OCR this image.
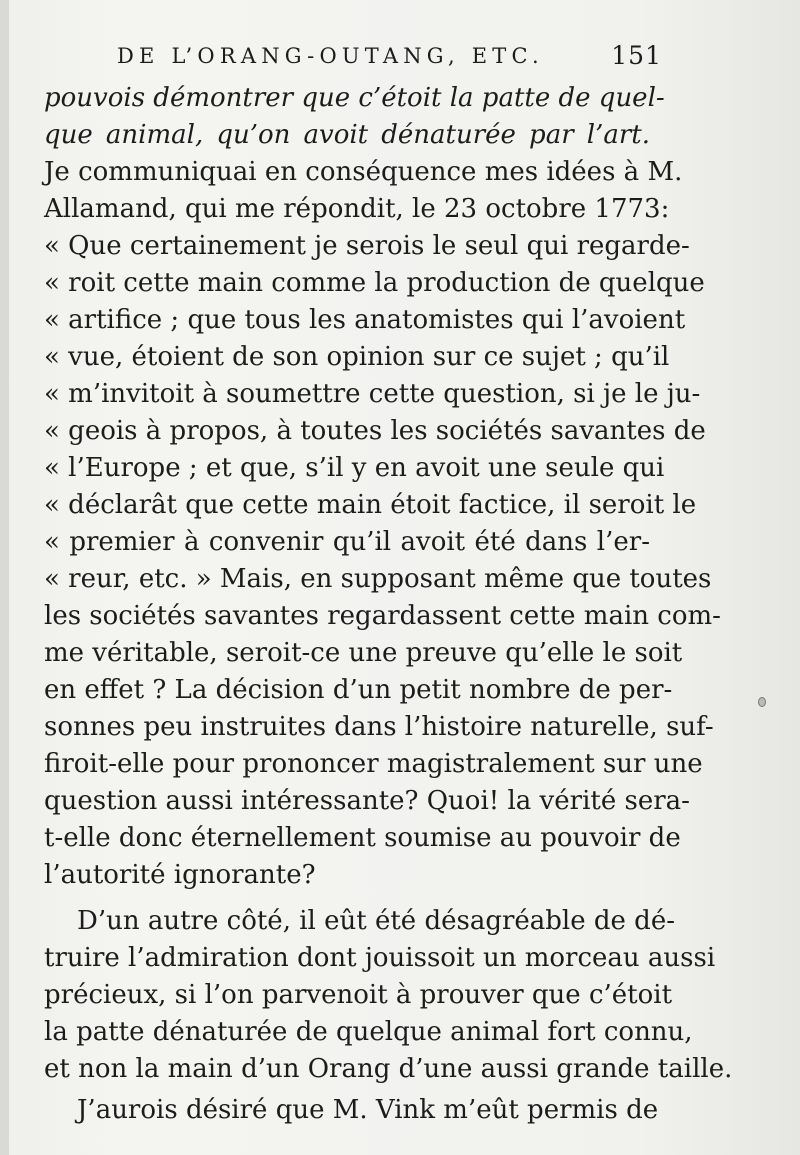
DE L’ORANG-OUTANG, ETC.	151
pouvois démontrer que c’étoit la patte de quel-
que animal, qu’on avoit dénaturée par l’art.
Je communiquai en conséquence mes idées à M.
Allamand, qui me répondit, le 23 octobre 1773:
« Que certainement je serois le seul qui regarde-
« roit cette main comme la production de quelque
« artifice ; que tous les anatomistes qui l’avoient
« vue, étoient de son opinion sur ce sujet ; qu’il
« m’invitoit à soumettre cette question, si je le ju-
« geois à propos, à toutes les sociétés savantes de
« l’Europe ; et que, s’il y en avoit une seule qui
« déclarât que cette main étoit factice, il seroit le
« premier à convenir qu’il avoit été dans l’er-
« reur, etc. » Mais, en supposant même que toutes
les sociétés savantes regardassent cette main com-
me véritable, seroit-ce une preuve qu’elle le soit
en effet ? La décision d’un petit nombre de per-
sonnes peu instruites dans l’histoire naturelle, suf-
firoit-elle pour prononcer magistralement sur une
question aussi intéressante? Quoi! la vérité sera-
t-elle donc éternellement soumise au pouvoir de
l’autorité ignorante?
D’un autre côté, il eût été désagréable de dé-
truire l’admiration dont jouissoit un morceau aussi
précieux, si l’on parvenoit à prouver que c’étoit
la patte dénaturée de quelque animal fort connu,
et non la main d’un Orang d’une aussi grande taille.
J’aurois désiré que M. Vink m’eût permis de
